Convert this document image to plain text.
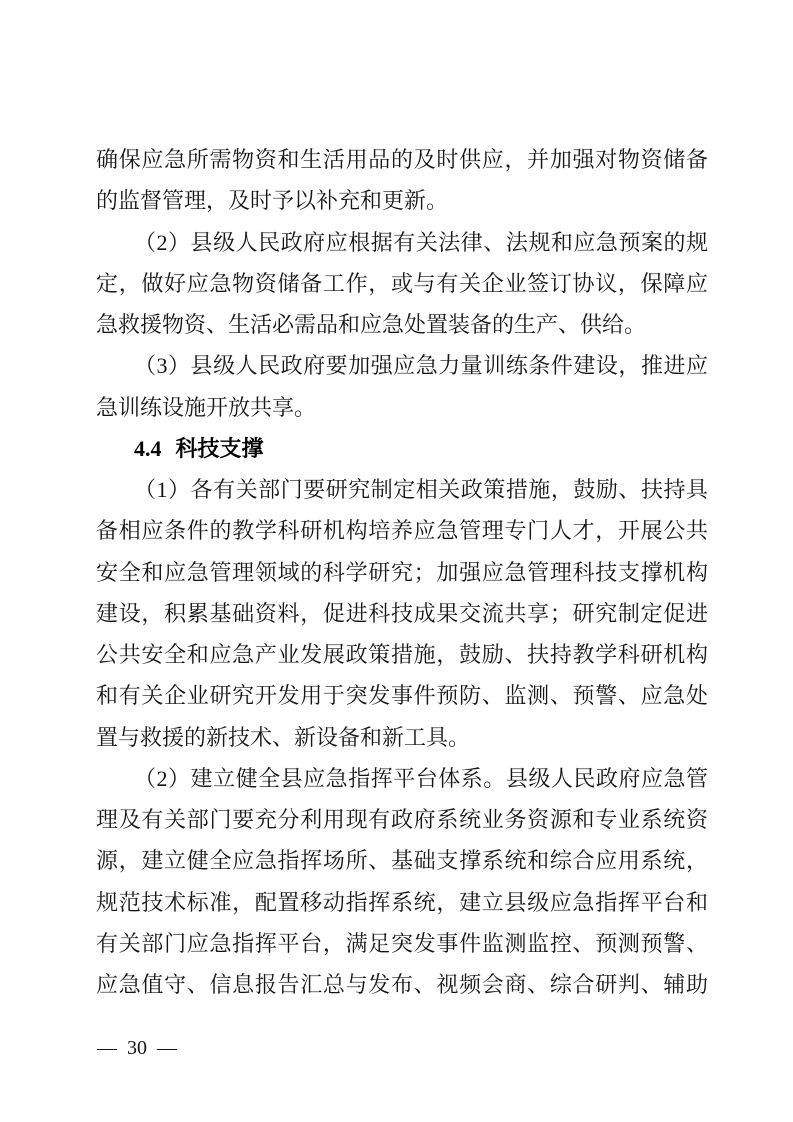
确保应急所需物资和生活用品的及时供应，并加强对物资储备
的监督管理，及时予以补充和更新。
（2）县级人民政府应根据有关法律、法规和应急预案的规
定，做好应急物资储备工作，或与有关企业签订协议，保障应
急救援物资、生活必需品和应急处置装备的生产、供给。
（3）县级人民政府要加强应急力量训练条件建设，推进应
急训练设施开放共享。
4.4 科技支撑
（1）各有关部门要研究制定相关政策措施，鼓励、扶持具
备相应条件的教学科研机构培养应急管理专门人才，开展公共
安全和应急管理领域的科学研究；加强应急管理科技支撑机构
建设，积累基础资料，促进科技成果交流共享；研究制定促进
公共安全和应急产业发展政策措施，鼓励、扶持教学科研机构
和有关企业研究开发用于突发事件预防、监测、预警、应急处
置与救援的新技术、新设备和新工具。
（2）建立健全县应急指挥平台体系。县级人民政府应急管
理及有关部门要充分利用现有政府系统业务资源和专业系统资
源，建立健全应急指挥场所、基础支撑系统和综合应用系统，
规范技术标准，配置移动指挥系统，建立县级应急指挥平台和
有关部门应急指挥平台，满足突发事件监测监控、预测预警、
应急值守、信息报告汇总与发布、视频会商、综合研判、辅助
— 30 —
